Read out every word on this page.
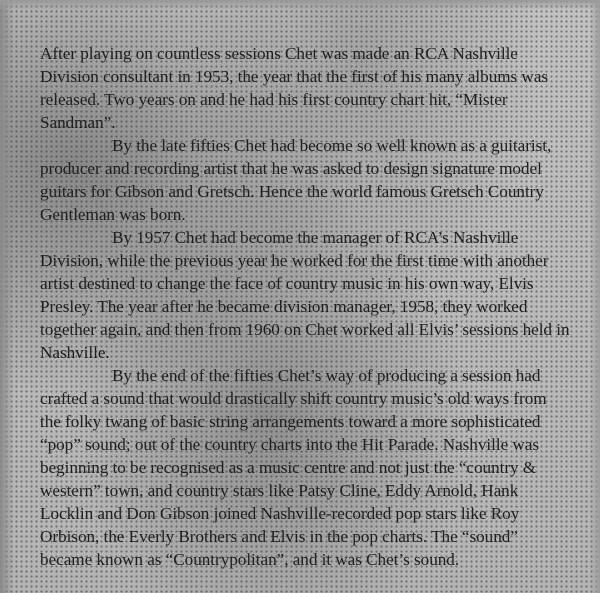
After playing on countless sessions Chet was made an RCA Nashville Division consultant in 1953, the year that the first of his many albums was released. Two years on and he had his first country chart hit, “Mister Sandman”.

By the late fifties Chet had become so well known as a guitarist, producer and recording artist that he was asked to design signature model guitars for Gibson and Gretsch. Hence the world famous Gretsch Country Gentleman was born.

By 1957 Chet had become the manager of RCA’s Nashville Division, while the previous year he worked for the first time with another artist destined to change the face of country music in his own way, Elvis Presley. The year after he became division manager, 1958, they worked together again, and then from 1960 on Chet worked all Elvis’ sessions held in Nashville.

By the end of the fifties Chet’s way of producing a session had crafted a sound that would drastically shift country music’s old ways from the folky twang of basic string arrangements toward a more sophisticated “pop” sound; out of the country charts into the Hit Parade. Nashville was beginning to be recognised as a music centre and not just the “country & western” town, and country stars like Patsy Cline, Eddy Arnold, Hank Locklin and Don Gibson joined Nashville-recorded pop stars like Roy Orbison, the Everly Brothers and Elvis in the pop charts. The “sound” became known as “Countrypolitan”, and it was Chet’s sound.
